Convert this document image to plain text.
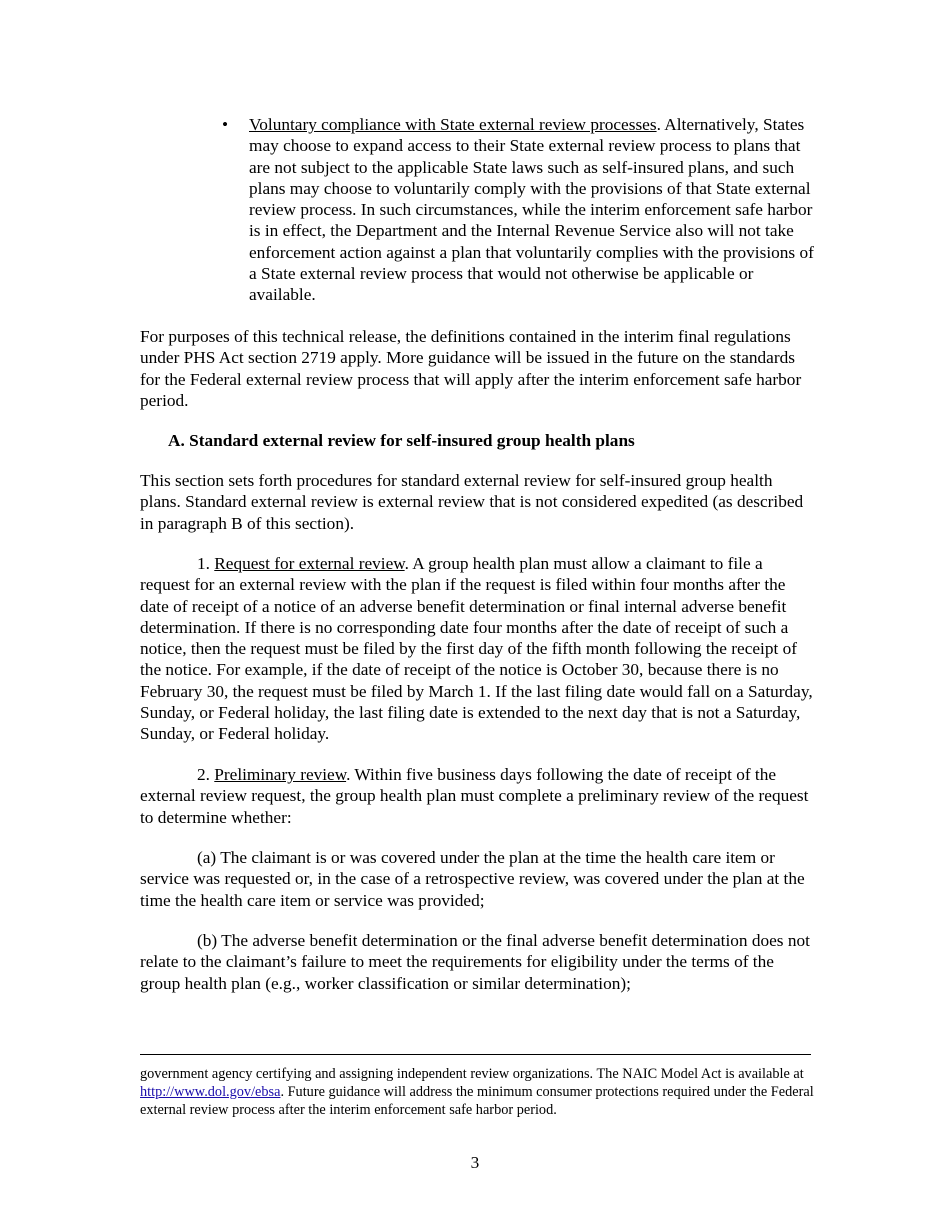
• Voluntary compliance with State external review processes. Alternatively, States may choose to expand access to their State external review process to plans that are not subject to the applicable State laws such as self-insured plans, and such plans may choose to voluntarily comply with the provisions of that State external review process. In such circumstances, while the interim enforcement safe harbor is in effect, the Department and the Internal Revenue Service also will not take enforcement action against a plan that voluntarily complies with the provisions of a State external review process that would not otherwise be applicable or available.

For purposes of this technical release, the definitions contained in the interim final regulations under PHS Act section 2719 apply. More guidance will be issued in the future on the standards for the Federal external review process that will apply after the interim enforcement safe harbor period.

A. Standard external review for self-insured group health plans

This section sets forth procedures for standard external review for self-insured group health plans. Standard external review is external review that is not considered expedited (as described in paragraph B of this section).

1. Request for external review. A group health plan must allow a claimant to file a request for an external review with the plan if the request is filed within four months after the date of receipt of a notice of an adverse benefit determination or final internal adverse benefit determination. If there is no corresponding date four months after the date of receipt of such a notice, then the request must be filed by the first day of the fifth month following the receipt of the notice. For example, if the date of receipt of the notice is October 30, because there is no February 30, the request must be filed by March 1. If the last filing date would fall on a Saturday, Sunday, or Federal holiday, the last filing date is extended to the next day that is not a Saturday, Sunday, or Federal holiday.

2. Preliminary review. Within five business days following the date of receipt of the external review request, the group health plan must complete a preliminary review of the request to determine whether:

(a) The claimant is or was covered under the plan at the time the health care item or service was requested or, in the case of a retrospective review, was covered under the plan at the time the health care item or service was provided;

(b) The adverse benefit determination or the final adverse benefit determination does not relate to the claimant’s failure to meet the requirements for eligibility under the terms of the group health plan (e.g., worker classification or similar determination);

government agency certifying and assigning independent review organizations. The NAIC Model Act is available at http://www.dol.gov/ebsa. Future guidance will address the minimum consumer protections required under the Federal external review process after the interim enforcement safe harbor period.

3
